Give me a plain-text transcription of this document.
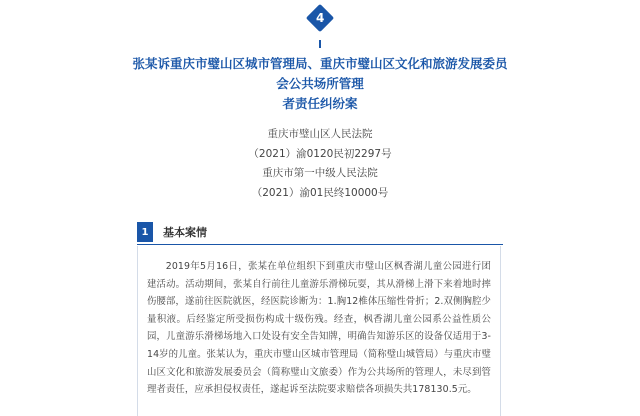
4
张某诉重庆市璧山区城市管理局、重庆市璧山区文化和旅游发展委员会公共场所管理
者责任纠纷案
重庆市璧山区人民法院
（2021）渝0120民初2297号
重庆市第一中级人民法院
（2021）渝01民终10000号
1	基本案情

2019年5月16日，张某在单位组织下到重庆市璧山区枫香湖儿童公园进行团建活动。活动期间，张某自行前往儿童游乐滑梯玩耍，其从滑梯上滑下来着地时摔伤腰部，遂前往医院就医，经医院诊断为：1.胸12椎体压缩性骨折；2.双侧胸腔少量积液。后经鉴定所受损伤构成十级伤残。经查，枫香湖儿童公园系公益性质公园，儿童游乐滑梯场地入口处设有安全告知牌，明确告知游乐区的设备仅适用于3-14岁的儿童。张某认为，重庆市璧山区城市管理局（简称璧山城管局）与重庆市璧山区文化和旅游发展委员会（简称璧山文旅委）作为公共场所的管理人，未尽到管理者责任，应承担侵权责任，遂起诉至法院要求赔偿各项损失共178130.5元。
